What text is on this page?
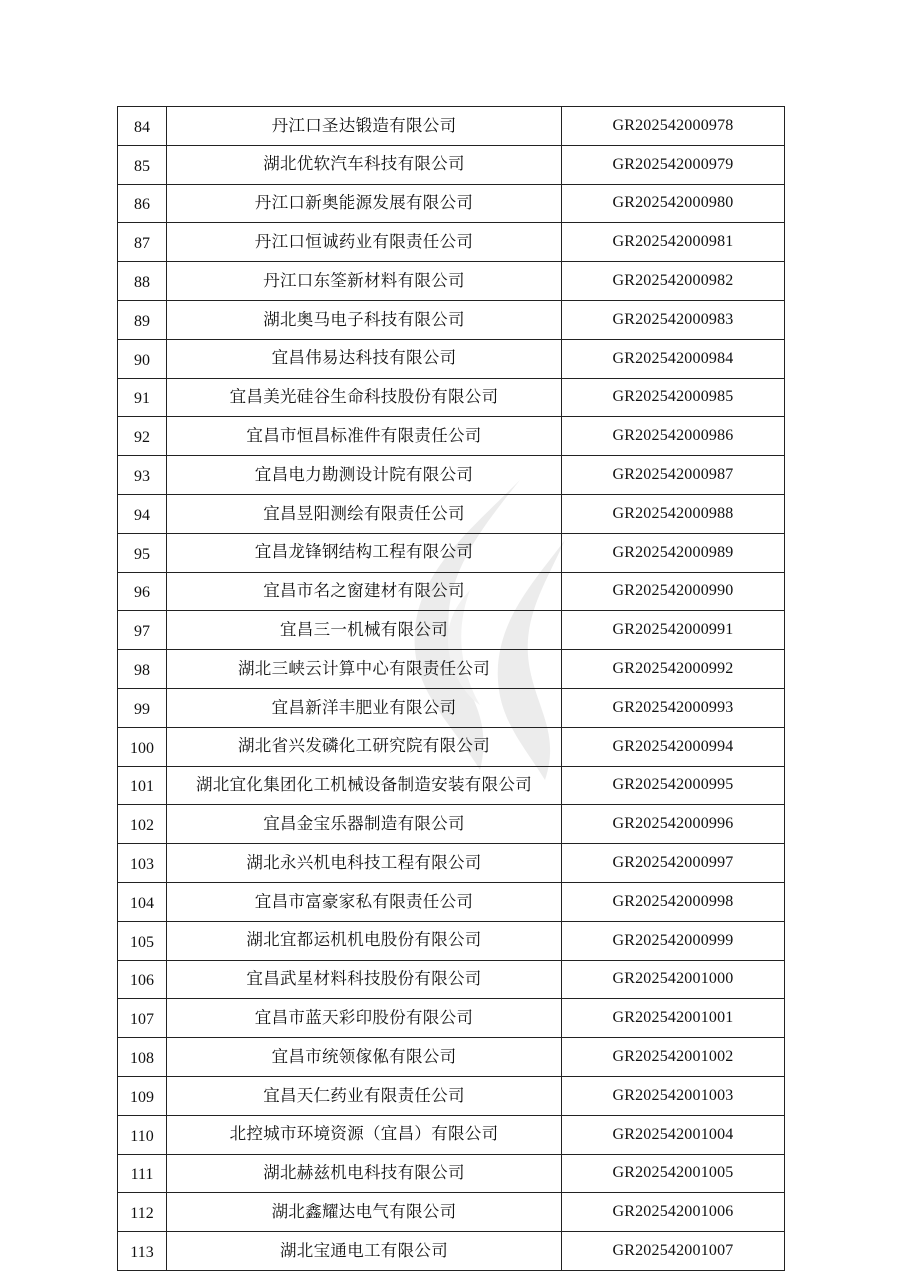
84	丹江口圣达锻造有限公司	GR202542000978
85	湖北优软汽车科技有限公司	GR202542000979
86	丹江口新奥能源发展有限公司	GR202542000980
87	丹江口恒诚药业有限责任公司	GR202542000981
88	丹江口东筌新材料有限公司	GR202542000982
89	湖北奥马电子科技有限公司	GR202542000983
90	宜昌伟易达科技有限公司	GR202542000984
91	宜昌美光硅谷生命科技股份有限公司	GR202542000985
92	宜昌市恒昌标准件有限责任公司	GR202542000986
93	宜昌电力勘测设计院有限公司	GR202542000987
94	宜昌昱阳测绘有限责任公司	GR202542000988
95	宜昌龙锋钢结构工程有限公司	GR202542000989
96	宜昌市名之窗建材有限公司	GR202542000990
97	宜昌三一机械有限公司	GR202542000991
98	湖北三峡云计算中心有限责任公司	GR202542000992
99	宜昌新洋丰肥业有限公司	GR202542000993
100	湖北省兴发磷化工研究院有限公司	GR202542000994
101	湖北宜化集团化工机械设备制造安装有限公司	GR202542000995
102	宜昌金宝乐器制造有限公司	GR202542000996
103	湖北永兴机电科技工程有限公司	GR202542000997
104	宜昌市富豪家私有限责任公司	GR202542000998
105	湖北宜都运机机电股份有限公司	GR202542000999
106	宜昌武星材料科技股份有限公司	GR202542001000
107	宜昌市蓝天彩印股份有限公司	GR202542001001
108	宜昌市统领傢俬有限公司	GR202542001002
109	宜昌天仁药业有限责任公司	GR202542001003
110	北控城市环境资源（宜昌）有限公司	GR202542001004
111	湖北赫兹机电科技有限公司	GR202542001005
112	湖北鑫耀达电气有限公司	GR202542001006
113	湖北宝通电工有限公司	GR202542001007
